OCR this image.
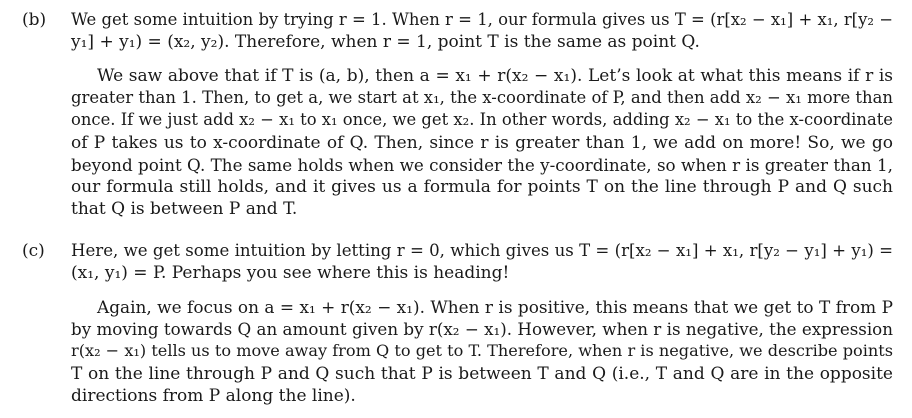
(b) We get some intuition by trying r = 1. When r = 1, our formula gives us T = (r[x₂ − x₁] + x₁, r[y₂ −
y₁] + y₁) = (x₂, y₂). Therefore, when r = 1, point T is the same as point Q.
We saw above that if T is (a, b), then a = x₁ + r(x₂ − x₁). Let’s look at what this means if r is
greater than 1. Then, to get a, we start at x₁, the x-coordinate of P, and then add x₂ − x₁ more than
once. If we just add x₂ − x₁ to x₁ once, we get x₂. In other words, adding x₂ − x₁ to the x-coordinate
of P takes us to x-coordinate of Q. Then, since r is greater than 1, we add on more! So, we go
beyond point Q. The same holds when we consider the y-coordinate, so when r is greater than 1,
our formula still holds, and it gives us a formula for points T on the line through P and Q such
that Q is between P and T.
(c) Here, we get some intuition by letting r = 0, which gives us T = (r[x₂ − x₁] + x₁, r[y₂ − y₁] + y₁) =
(x₁, y₁) = P. Perhaps you see where this is heading!
Again, we focus on a = x₁ + r(x₂ − x₁). When r is positive, this means that we get to T from P
by moving towards Q an amount given by r(x₂ − x₁). However, when r is negative, the expression
r(x₂ − x₁) tells us to move away from Q to get to T. Therefore, when r is negative, we describe points
T on the line through P and Q such that P is between T and Q (i.e., T and Q are in the opposite
directions from P along the line).
